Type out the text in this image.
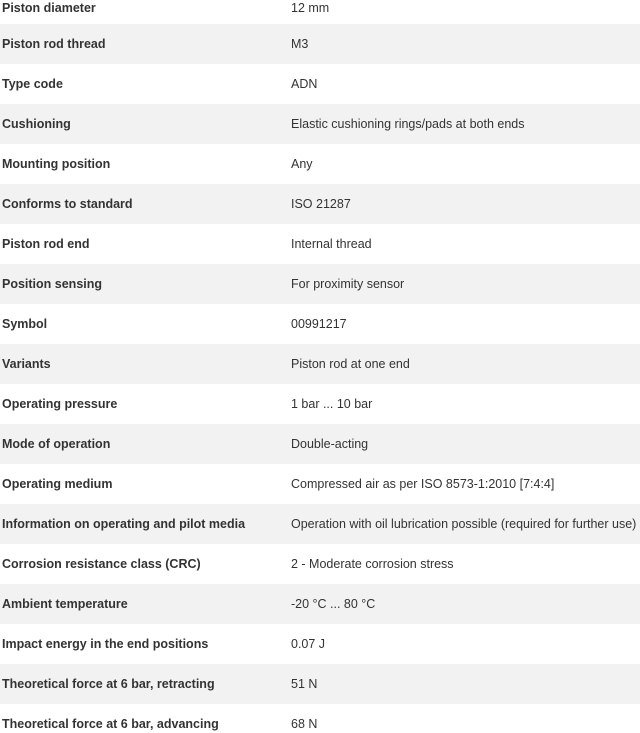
Piston diameter	12 mm
Piston rod thread	M3
Type code	ADN
Cushioning	Elastic cushioning rings/pads at both ends
Mounting position	Any
Conforms to standard	ISO 21287
Piston rod end	Internal thread
Position sensing	For proximity sensor
Symbol	00991217
Variants	Piston rod at one end
Operating pressure	1 bar ... 10 bar
Mode of operation	Double-acting
Operating medium	Compressed air as per ISO 8573-1:2010 [7:4:4]
Information on operating and pilot media	Operation with oil lubrication possible (required for further use)
Corrosion resistance class (CRC)	2 - Moderate corrosion stress
Ambient temperature	-20 °C ... 80 °C
Impact energy in the end positions	0.07 J
Theoretical force at 6 bar, retracting	51 N
Theoretical force at 6 bar, advancing	68 N
